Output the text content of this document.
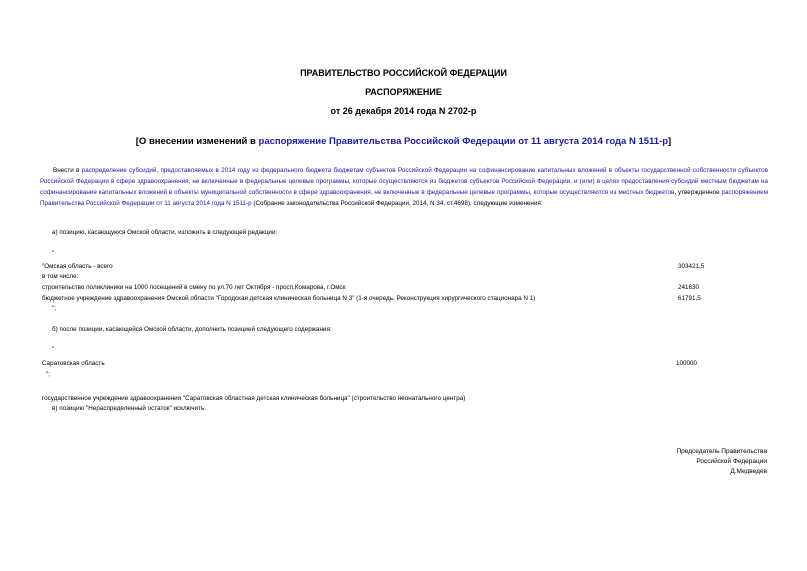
ПРАВИТЕЛЬСТВО РОССИЙСКОЙ ФЕДЕРАЦИИ
РАСПОРЯЖЕНИЕ
от 26 декабря 2014 года N 2702-р
[О внесении изменений в распоряжение Правительства Российской Федерации от 11 августа 2014 года N 1511-р]
Внести в распределение субсидий, предоставляемых в 2014 году из федерального бюджета бюджетам субъектов Российской Федерации на софинансирование капитальных вложений в объекты государственной собственности субъектов Российской Федерации в сфере здравоохранения, не включенные в федеральные целевые программы, которые осуществляются из бюджетов субъектов Российской Федерации, и (или) в целях предоставления субсидий местным бюджетам на софинансирование капитальных вложений в объекты муниципальной собственности в сфере здравоохранения, не включенные в федеральные целевые программы, которые осуществляются из местных бюджетов, утвержденное распоряжением Правительства Российской Федерации от 11 августа 2014 года N 1511-р (Собрание законодательства Российской Федерации, 2014, N 34, ст.4698), следующие изменения:
а) позицию, касающуюся Омской области, изложить в следующей редакции:
"
"Омская область - всего	303421,5
в том числе:
строительство поликлиники на 1000 посещений в смену по ул.70 лет Октября - просп.Комарова, г.Омск	241630
бюджетное учреждение здравоохранения Омской области "Городская детская клиническая больница N 3" (1-я очередь. Реконструкция хирургического стационара N 1)	61791,5
";
б) после позиции, касающейся Омской области, дополнить позицией следующего содержания:
"
Саратовская область	100000
";
государственное учреждение здравоохранения "Саратовская областная детская клиническая больница" (строительство неонатального центра)
в) позицию "Нераспределенный остаток" исключить.
Председатель Правительства
Российской Федерации
Д.Медведев
